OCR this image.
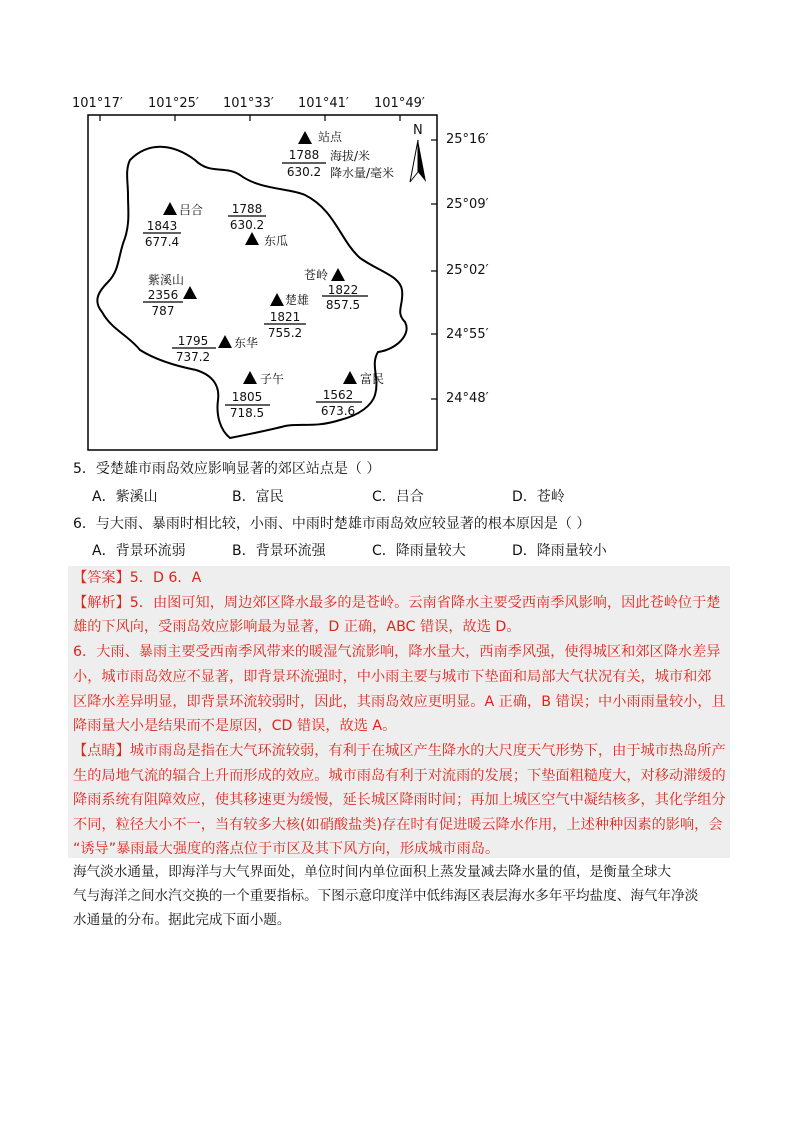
101°17′ 101°25′ 101°33′ 101°41′ 101°49′
25°16′
25°09′
25°02′
24°55′
24°48′
站点
1788
630.2
海拔/米
降水量/毫米
N
吕合
1843
677.4
1788
630.2
东瓜
苍岭
1822
857.5
紫溪山
2356
787
楚雄
1821
755.2
1795	东华
737.2
子午
1805
718.5
富民
1562
673.6
5．受楚雄市雨岛效应影响显著的郊区站点是（ ）
A．紫溪山	B．富民	C．吕合	D．苍岭
6．与大雨、暴雨时相比较，小雨、中雨时楚雄市雨岛效应较显著的根本原因是（ ）
A．背景环流弱	B．背景环流强	C．降雨量较大	D．降雨量较小
【答案】5．D 6．A
【解析】5．由图可知，周边郊区降水最多的是苍岭。云南省降水主要受西南季风影响，因此苍岭位于楚
雄的下风向，受雨岛效应影响最为显著，D 正确，ABC 错误，故选 D。
6．大雨、暴雨主要受西南季风带来的暖湿气流影响，降水量大，西南季风强，使得城区和郊区降水差异
小，城市雨岛效应不显著，即背景环流强时，中小雨主要与城市下垫面和局部大气状况有关，城市和郊
区降水差异明显，即背景环流较弱时，因此，其雨岛效应更明显。A 正确，B 错误；中小雨雨量较小，且
降雨量大小是结果而不是原因，CD 错误，故选 A。
【点睛】城市雨岛是指在大气环流较弱，有利于在城区产生降水的大尺度天气形势下，由于城市热岛所产
生的局地气流的辐合上升而形成的效应。城市雨岛有利于对流雨的发展；下垫面粗糙度大，对移动滞缓的
降雨系统有阻障效应，使其移速更为缓慢，延长城区降雨时间；再加上城区空气中凝结核多，其化学组分
不同，粒径大小不一，当有较多大核(如硝酸盐类)存在时有促进暖云降水作用，上述种种因素的影响，会
“诱导”暴雨最大强度的落点位于市区及其下风方向，形成城市雨岛。
海气淡水通量，即海洋与大气界面处，单位时间内单位面积上蒸发量减去降水量的值，是衡量全球大
气与海洋之间水汽交换的一个重要指标。下图示意印度洋中低纬海区表层海水多年平均盐度、海气年净淡
水通量的分布。据此完成下面小题。
